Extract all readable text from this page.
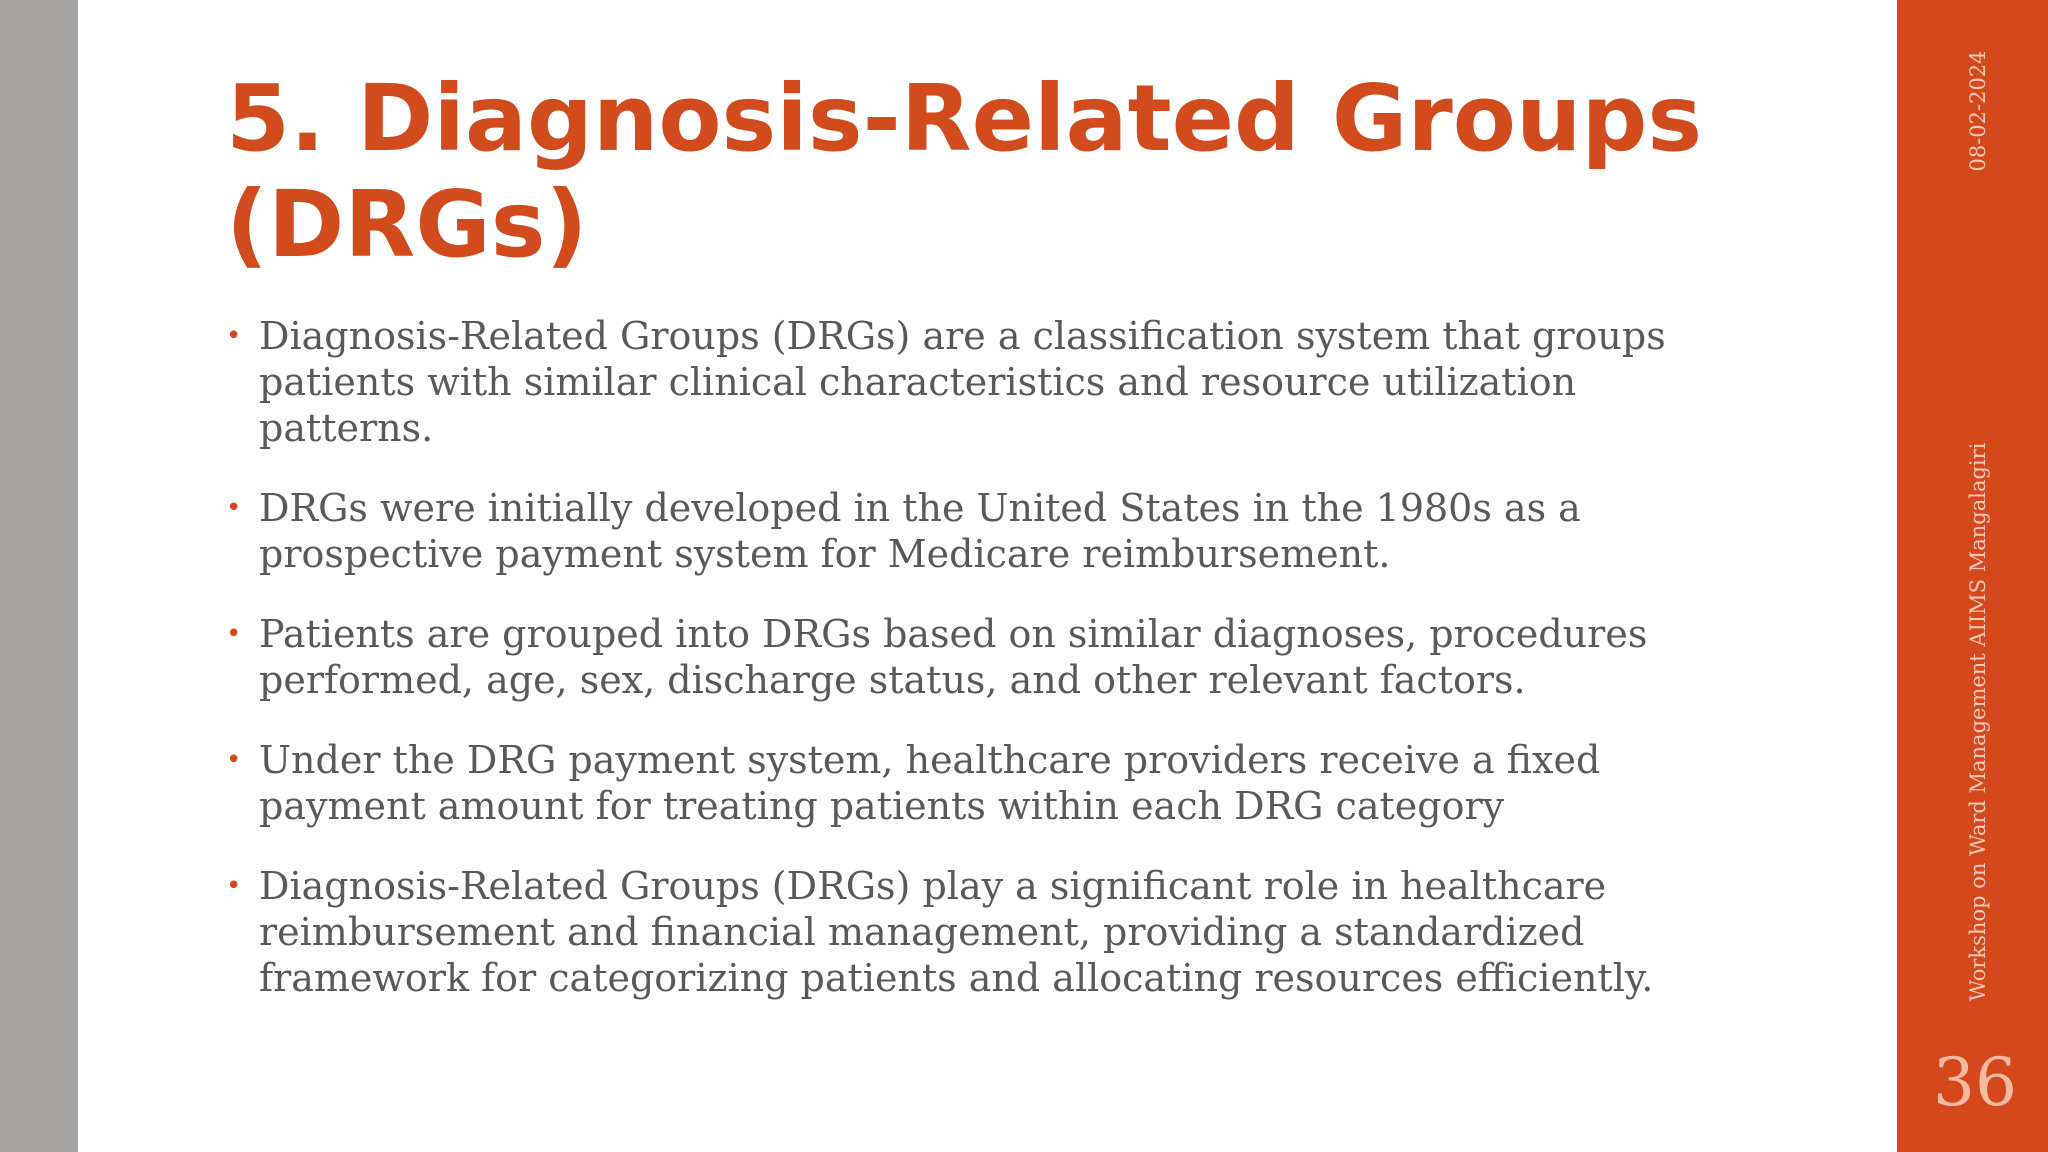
5. Diagnosis-Related Groups (DRGs)
• Diagnosis-Related Groups (DRGs) are a classification system that groups patients with similar clinical characteristics and resource utilization patterns.
• DRGs were initially developed in the United States in the 1980s as a prospective payment system for Medicare reimbursement.
• Patients are grouped into DRGs based on similar diagnoses, procedures performed, age, sex, discharge status, and other relevant factors.
• Under the DRG payment system, healthcare providers receive a fixed payment amount for treating patients within each DRG category
• Diagnosis-Related Groups (DRGs) play a significant role in healthcare reimbursement and financial management, providing a standardized framework for categorizing patients and allocating resources efficiently.
08-02-2024
Workshop on Ward Management AIIMS Mangalagiri
36
